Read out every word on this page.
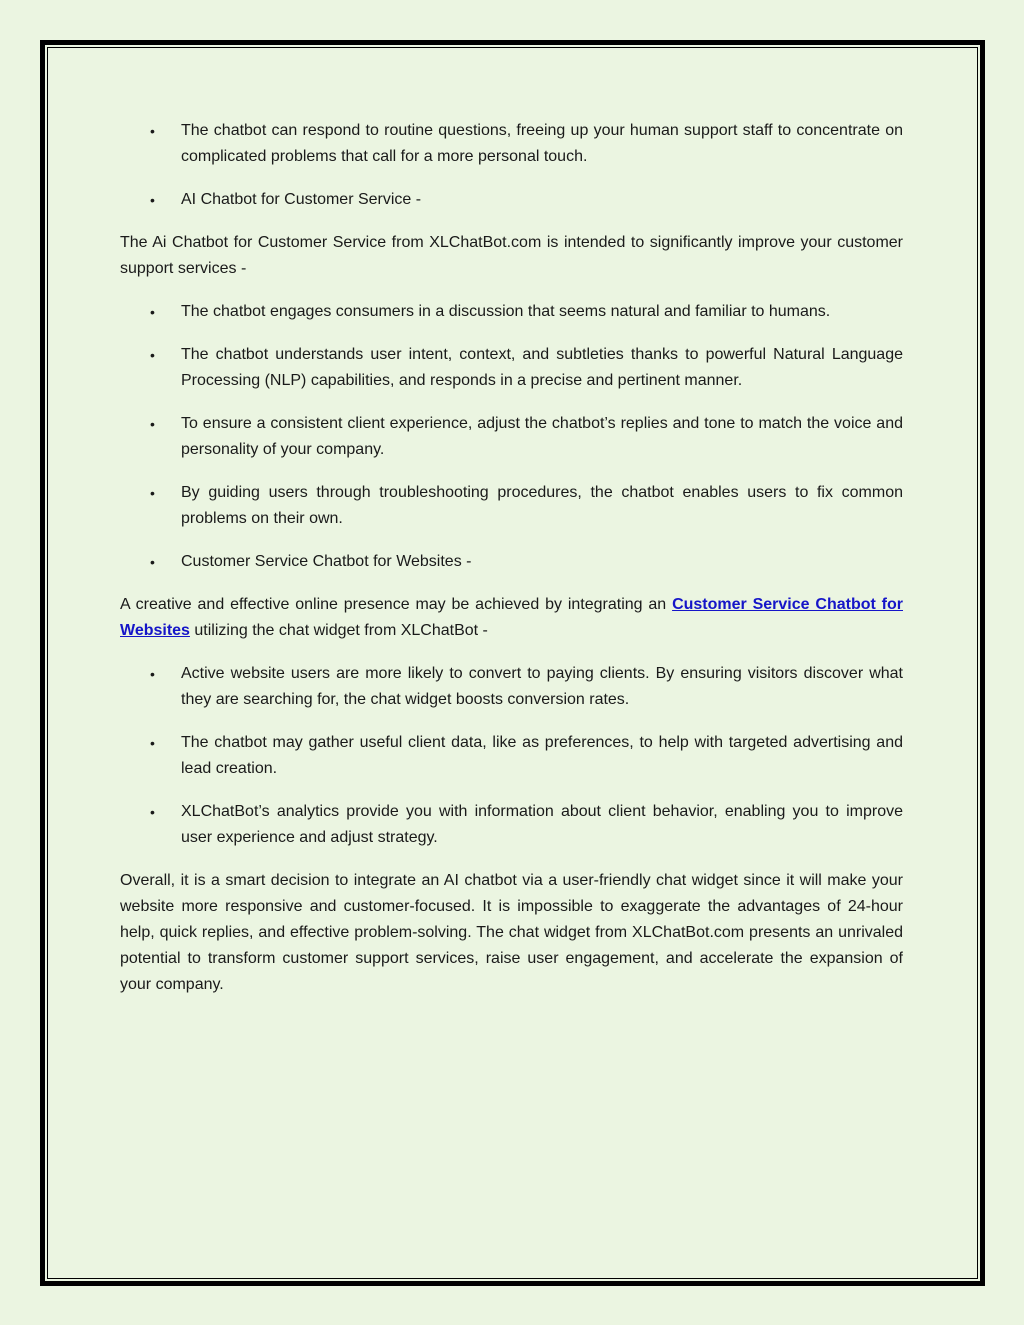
• The chatbot can respond to routine questions, freeing up your human support staff to concentrate on complicated problems that call for a more personal touch.
• AI Chatbot for Customer Service -

The Ai Chatbot for Customer Service from XLChatBot.com is intended to significantly improve your customer support services -

• The chatbot engages consumers in a discussion that seems natural and familiar to humans.
• The chatbot understands user intent, context, and subtleties thanks to powerful Natural Language Processing (NLP) capabilities, and responds in a precise and pertinent manner.
• To ensure a consistent client experience, adjust the chatbot’s replies and tone to match the voice and personality of your company.
• By guiding users through troubleshooting procedures, the chatbot enables users to fix common problems on their own.
• Customer Service Chatbot for Websites -

A creative and effective online presence may be achieved by integrating an Customer Service Chatbot for Websites utilizing the chat widget from XLChatBot -

• Active website users are more likely to convert to paying clients. By ensuring visitors discover what they are searching for, the chat widget boosts conversion rates.
• The chatbot may gather useful client data, like as preferences, to help with targeted advertising and lead creation.
• XLChatBot’s analytics provide you with information about client behavior, enabling you to improve user experience and adjust strategy.

Overall, it is a smart decision to integrate an AI chatbot via a user-friendly chat widget since it will make your website more responsive and customer-focused. It is impossible to exaggerate the advantages of 24-hour help, quick replies, and effective problem-solving. The chat widget from XLChatBot.com presents an unrivaled potential to transform customer support services, raise user engagement, and accelerate the expansion of your company.
